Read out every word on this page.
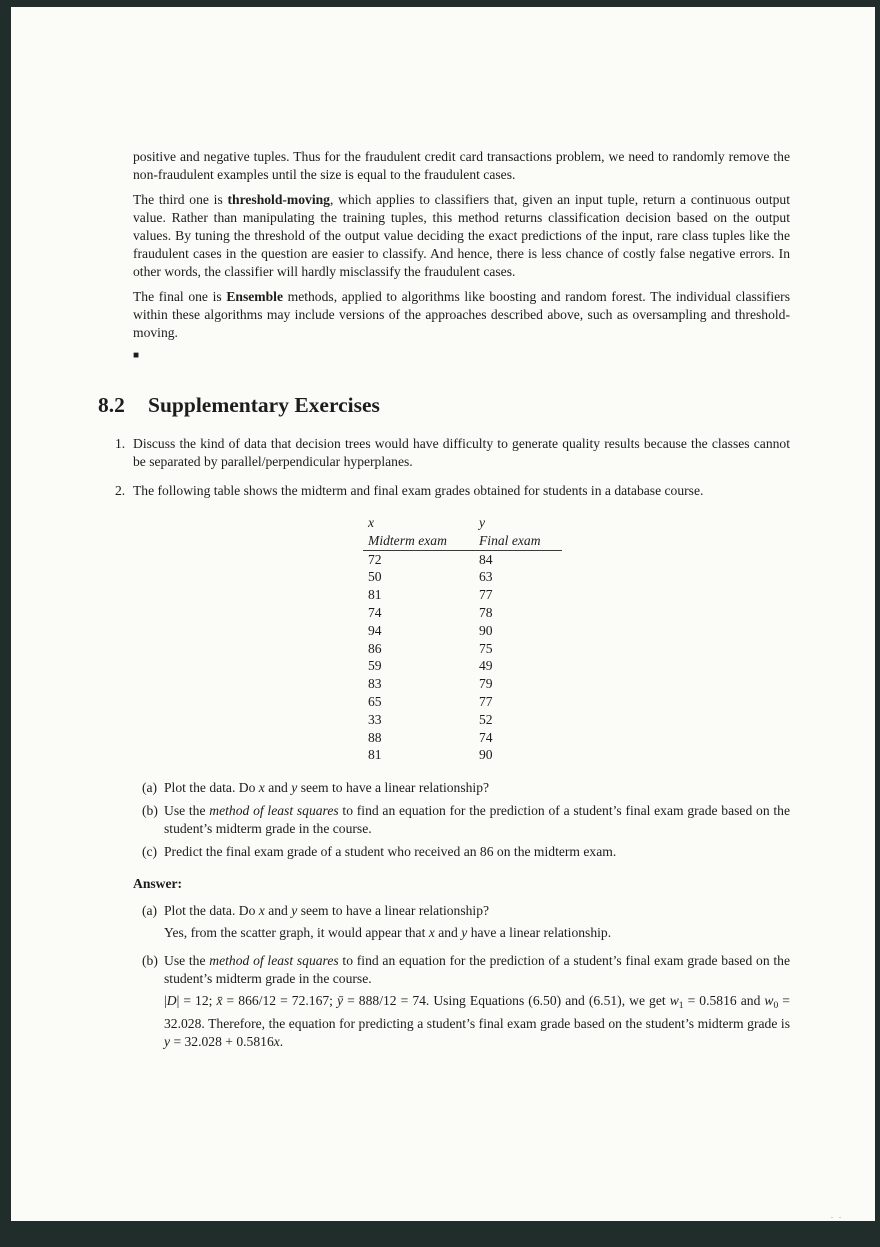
positive and negative tuples. Thus for the fraudulent credit card transactions problem, we need to randomly remove the non-fraudulent examples until the size is equal to the fraudulent cases.

The third one is threshold-moving, which applies to classifiers that, given an input tuple, return a continuous output value. Rather than manipulating the training tuples, this method returns classification decision based on the output values. By tuning the threshold of the output value deciding the exact predictions of the input, rare class tuples like the fraudulent cases in the question are easier to classify. And hence, there is less chance of costly false negative errors. In other words, the classifier will hardly misclassify the fraudulent cases.

The final one is Ensemble methods, applied to algorithms like boosting and random forest. The individual classifiers within these algorithms may include versions of the approaches described above, such as oversampling and threshold-moving.

■
8.2	Supplementary Exercises
1. Discuss the kind of data that decision trees would have difficulty to generate quality results because the classes cannot be separated by parallel/perpendicular hyperplanes.
2. The following table shows the midterm and final exam grades obtained for students in a database course.
x	y
Midterm exam	Final exam
72	84
50	63
81	77
74	78
94	90
86	75
59	49
83	79
65	77
33	52
88	74
81	90
(a) Plot the data. Do x and y seem to have a linear relationship?
(b) Use the method of least squares to find an equation for the prediction of a student’s final exam grade based on the student’s midterm grade in the course.
(c) Predict the final exam grade of a student who received an 86 on the midterm exam.
Answer:
(a) Plot the data. Do x and y seem to have a linear relationship?
Yes, from the scatter graph, it would appear that x and y have a linear relationship.
(b) Use the method of least squares to find an equation for the prediction of a student’s final exam grade based on the student’s midterm grade in the course.
|D| = 12; x̄ = 866/12 = 72.167; ȳ = 888/12 = 74. Using Equations (6.50) and (6.51), we get $w_1 = 0.5816$ and $w_0 = 32.028$. Therefore, the equation for predicting a student’s final exam grade based on the student’s midterm grade is y = 32.028 + 0.5816x.
. .
